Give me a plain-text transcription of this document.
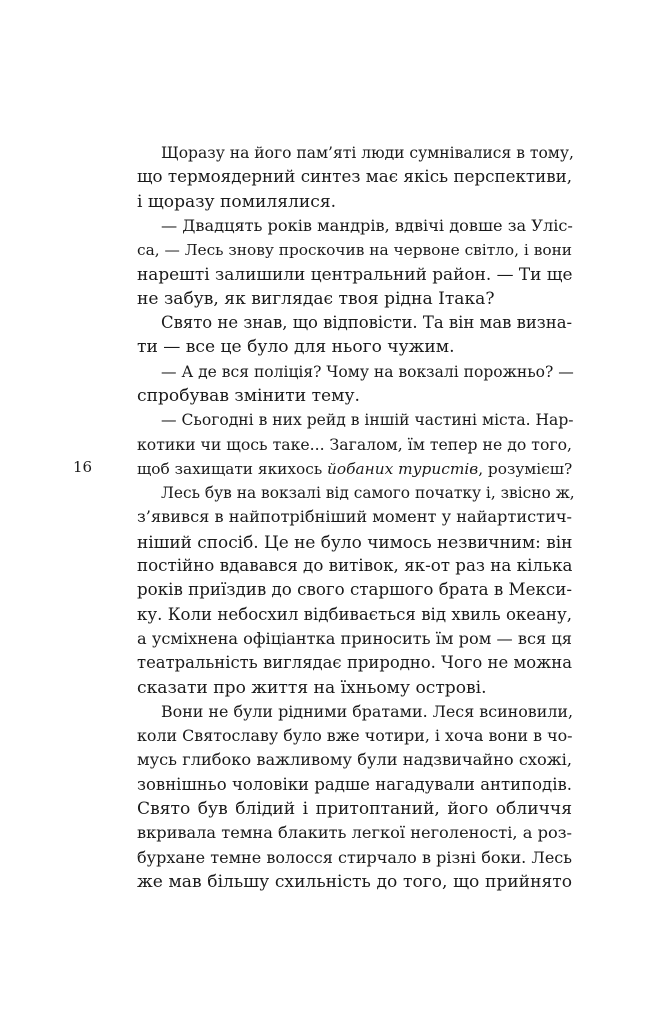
16

Щоразу на його пам’яті люди сумнівалися в тому,
що термоядерний синтез має якісь перспективи,
і щоразу помилялися.
— Двадцять років мандрів, вдвічі довше за Уліс-
са, — Лесь знову проскочив на червоне світло, і вони
нарешті залишили центральний район. — Ти ще
не забув, як виглядає твоя рідна Ітака?
Свято не знав, що відповісти. Та він мав визна-
ти — все це було для нього чужим.
— А де вся поліція? Чому на вокзалі порожньо? —
спробував змінити тему.
— Сьогодні в них рейд в іншій частині міста. Нар-
котики чи щось таке... Загалом, їм тепер не до того,
щоб захищати якихось йобаних туристів, розумієш?
Лесь був на вокзалі від самого початку і, звісно ж,
з’явився в найпотрібніший момент у найартистич-
ніший спосіб. Це не було чимось незвичним: він
постійно вдавався до витівок, як-от раз на кілька
років приїздив до свого старшого брата в Мекси-
ку. Коли небосхил відбивається від хвиль океану,
а усміхнена офіціантка приносить їм ром — вся ця
театральність виглядає природно. Чого не можна
сказати про життя на їхньому острові.
Вони не були рідними братами. Леся всиновили,
коли Святославу було вже чотири, і хоча вони в чо-
мусь глибоко важливому були надзвичайно схожі,
зовнішньо чоловіки радше нагадували антиподів.
Свято був блідий і притоптаний, його обличчя
вкривала темна блакить легкої неголеності, а роз-
бурхане темне волосся стирчало в різні боки. Лесь
же мав більшу схильність до того, що прийнято
